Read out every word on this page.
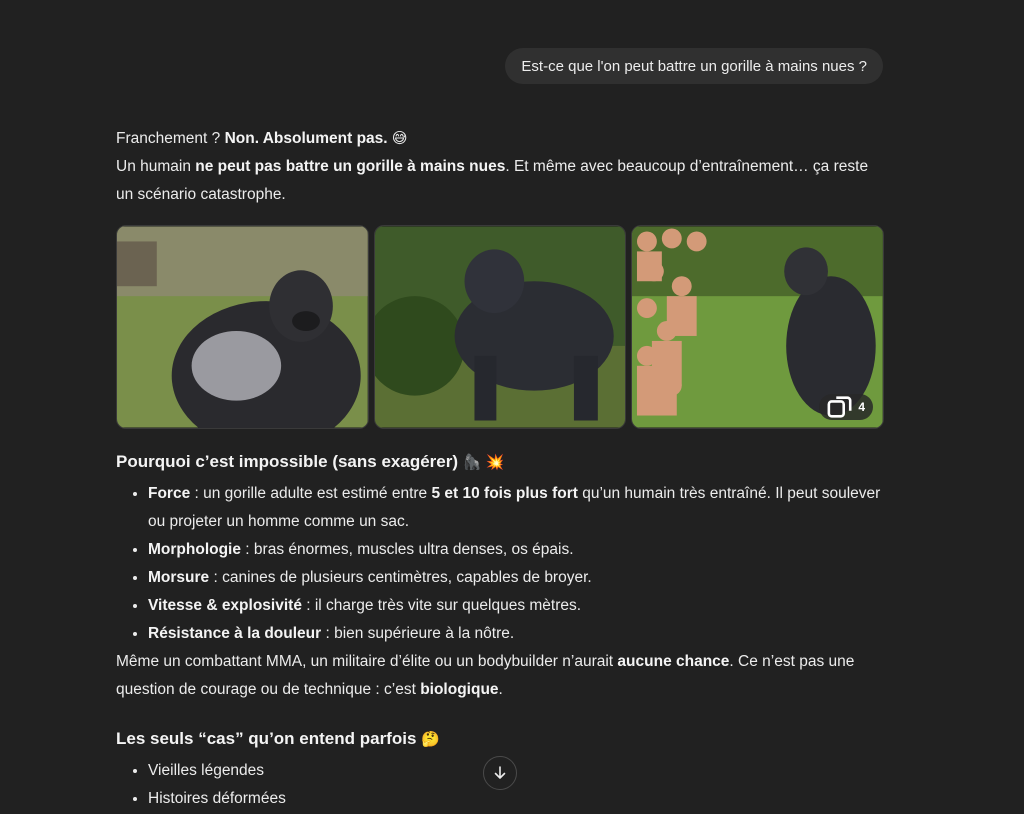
Est-ce que l'on peut battre un gorille à mains nues ?

Franchement ? Non. Absolument pas. 😅

Un humain ne peut pas battre un gorille à mains nues. Et même avec beaucoup d’entraînement… ça reste un scénario catastrophe.

4
Pourquoi c’est impossible (sans exagérer) 🦍 💥
• Force : un gorille adulte est estimé entre 5 et 10 fois plus fort qu’un humain très entraîné. Il peut soulever ou projeter un homme comme un sac.
• Morphologie : bras énormes, muscles ultra denses, os épais.
• Morsure : canines de plusieurs centimètres, capables de broyer.
• Vitesse & explosivité : il charge très vite sur quelques mètres.
• Résistance à la douleur : bien supérieure à la nôtre.

Même un combattant MMA, un militaire d’élite ou un bodybuilder n’aurait aucune chance. Ce n’est pas une question de courage ou de technique : c’est biologique.

Les seuls “cas” qu’on entend parfois 🤔
• Vieilles légendes
• Histoires déformées
